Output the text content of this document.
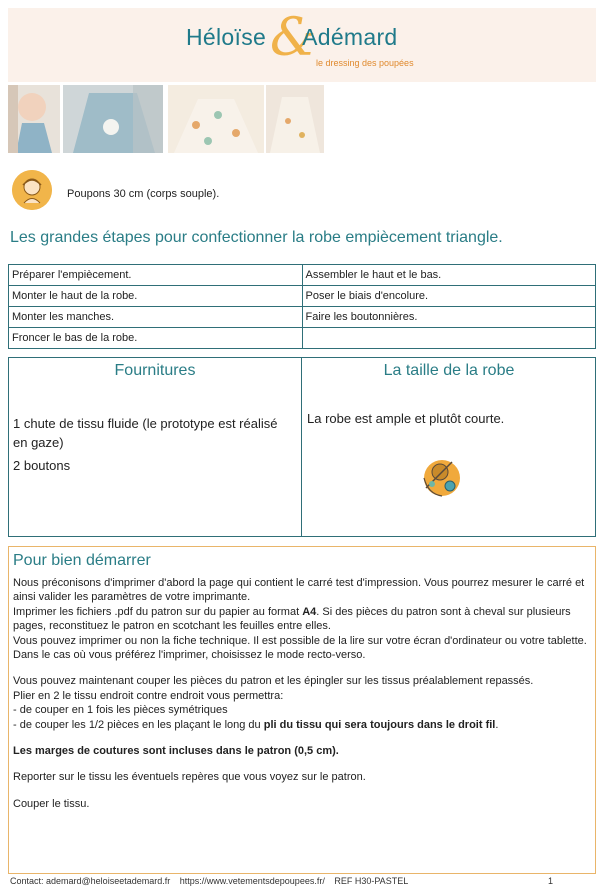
&
Héloïse Adémard
le dressing des poupées
Poupons 30 cm (corps souple).
Les grandes étapes pour confectionner la robe empiècement triangle.
Préparer l'empiècement.	Assembler le haut et le bas.
Monter le haut de la robe.	Poser le biais d'encolure.
Monter les manches.	Faire les boutonnières.
Froncer le bas de la robe.	
Fournitures
1 chute de tissu fluide (le prototype est réalisé en gaze)
2 boutons
La taille de la robe
La robe est ample et plutôt courte.
Pour bien démarrer

Nous préconisons d'imprimer d'abord la page qui contient le carré test d'impression. Vous pourrez mesurer le carré et ainsi valider les paramètres de votre imprimante.

Imprimer les fichiers .pdf du patron sur du papier au format A4. Si des pièces du patron sont à cheval sur plusieurs pages, reconstituez le patron en scotchant les feuilles entre elles.

Vous pouvez imprimer ou non la fiche technique. Il est possible de la lire sur votre écran d'ordinateur ou votre tablette. Dans le cas où vous préférez l'imprimer, choisissez le mode recto-verso.

Vous pouvez maintenant couper les pièces du patron et les épingler sur les tissus préalablement repassés.

Plier en 2 le tissu endroit contre endroit vous permettra:

- de couper en 1 fois les pièces symétriques

- de couper les 1/2 pièces en les plaçant le long du pli du tissu qui sera toujours dans le droit fil.

Les marges de coutures sont incluses dans le patron (0,5 cm).

Reporter sur le tissu les éventuels repères que vous voyez sur le patron.

Couper le tissu.

Contact: ademard@heloiseetademard.fr https://www.vetementsdepoupees.fr/ REF H30-PASTEL	1
